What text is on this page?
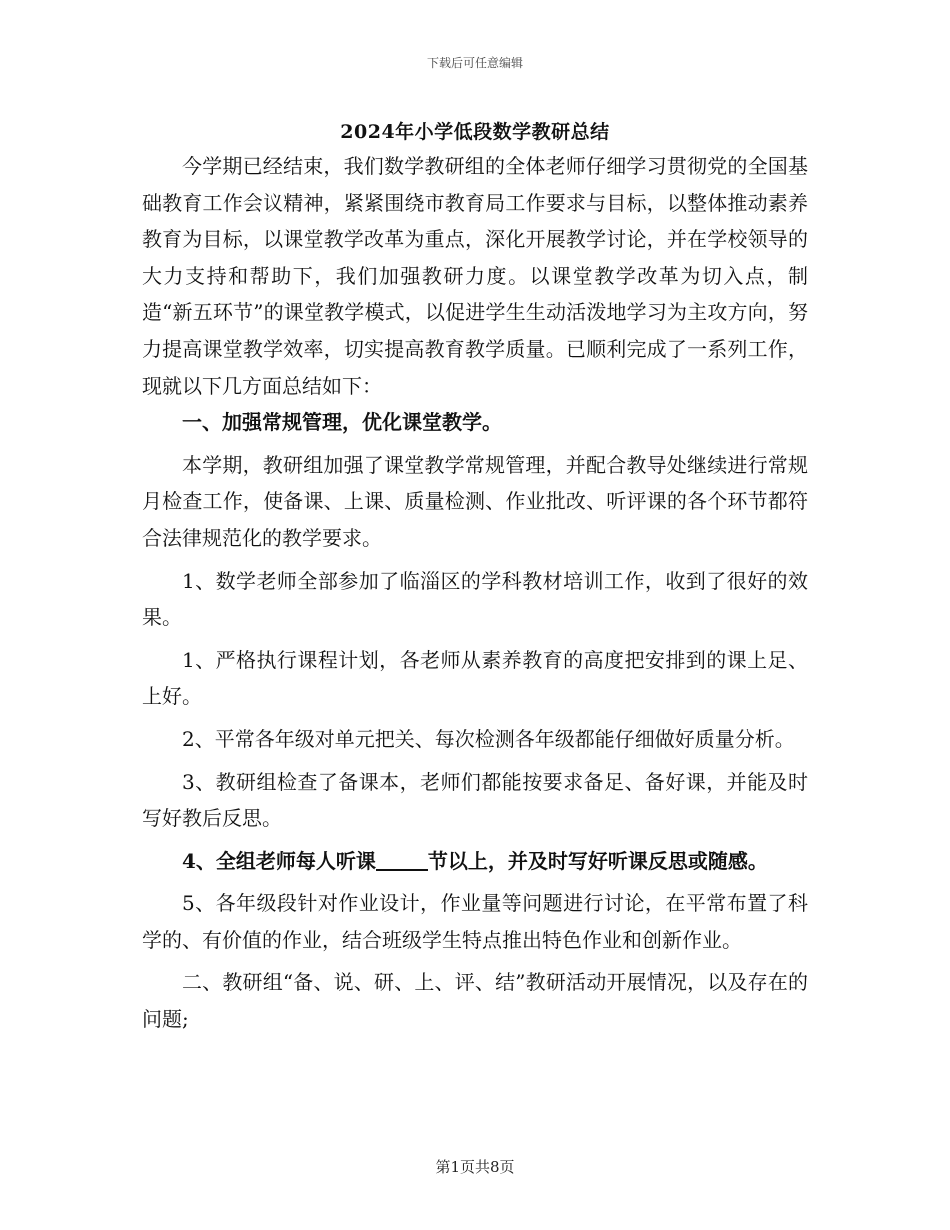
下载后可任意编辑
2024年小学低段数学教研总结

今学期已经结束，我们数学教研组的全体老师仔细学习贯彻党的全国基础教育工作会议精神，紧紧围绕市教育局工作要求与目标，以整体推动素养教育为目标，以课堂教学改革为重点，深化开展教学讨论，并在学校领导的大力支持和帮助下，我们加强教研力度。以课堂教学改革为切入点，制造“新五环节”的课堂教学模式，以促进学生生动活泼地学习为主攻方向，努力提高课堂教学效率，切实提高教育教学质量。已顺利完成了一系列工作，现就以下几方面总结如下：

一、加强常规管理，优化课堂教学。

本学期，教研组加强了课堂教学常规管理，并配合教导处继续进行常规月检查工作，使备课、上课、质量检测、作业批改、听评课的各个环节都符合法律规范化的教学要求。

1、数学老师全部参加了临淄区的学科教材培训工作，收到了很好的效果。

1、严格执行课程计划，各老师从素养教育的高度把安排到的课上足、上好。

2、平常各年级对单元把关、每次检测各年级都能仔细做好质量分析。

3、教研组检查了备课本，老师们都能按要求备足、备好课，并能及时写好教后反思。

4、全组老师每人听课	节以上，并及时写好听课反思或随感。

5、各年级段针对作业设计，作业量等问题进行讨论，在平常布置了科学的、有价值的作业，结合班级学生特点推出特色作业和创新作业。

二、教研组“备、说、研、上、评、结”教研活动开展情况，以及存在的问题;

第1页共8页
